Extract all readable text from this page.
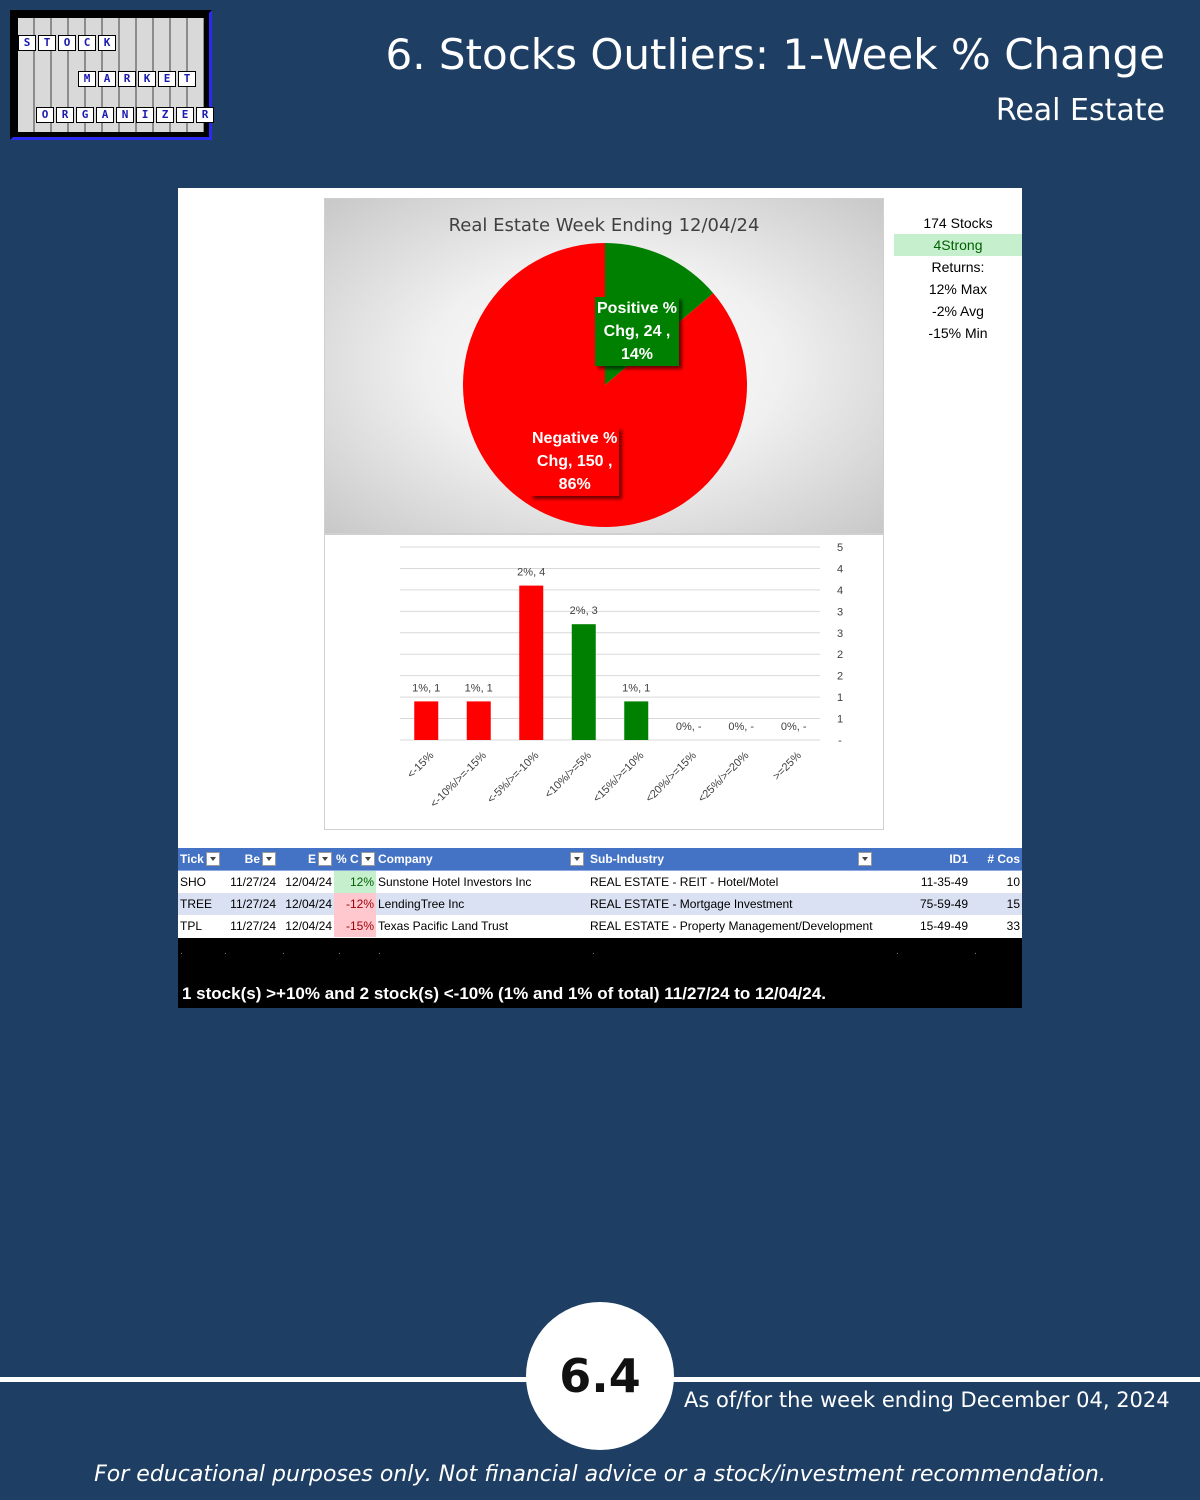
S	T	O	C	K
M	A	R	K	E	T
O	R	G	A	N	I	Z	E	R
6. Stocks Outliers: 1-Week % Change
Real Estate
Real Estate Week Ending 12/04/24
Positive %
Chg, 24 ,
14%
Negative %
Chg, 150 ,
86%
-
1
1
2
2
3
3
4
4
5
1%, 1
<-15%
1%, 1
<-10%/>=-15%
2%, 4
<-5%/>=-10%
2%, 3
<10%/>=5%
1%, 1
<15%/>=10%
0%, -
<20%/>=15%
0%, -
<25%/>=20%
0%, -
>=25%
174 Stocks
4Strong
Returns:
12% Max
-2% Avg
-15% Min
Tick	Be	E	% C	Company	Sub-Industry	ID1	# Cos
SHO	11/27/24	12/04/24	12%	Sunstone Hotel Investors Inc	REAL ESTATE - REIT - Hotel/Motel	11-35-49	10
TREE	11/27/24	12/04/24	-12%	LendingTree Inc	REAL ESTATE - Mortgage Investment	75-59-49	15
TPL	11/27/24	12/04/24	-15%	Texas Pacific Land Trust	REAL ESTATE - Property Management/Development	15-49-49	33
.	.	.	.	.	.	.	.
1 stock(s) >+10% and 2 stock(s) <-10% (1% and 1% of total) 11/27/24 to 12/04/24.
6.4	As of/for the week ending December 04, 2024
For educational purposes only. Not financial advice or a stock/investment recommendation.
